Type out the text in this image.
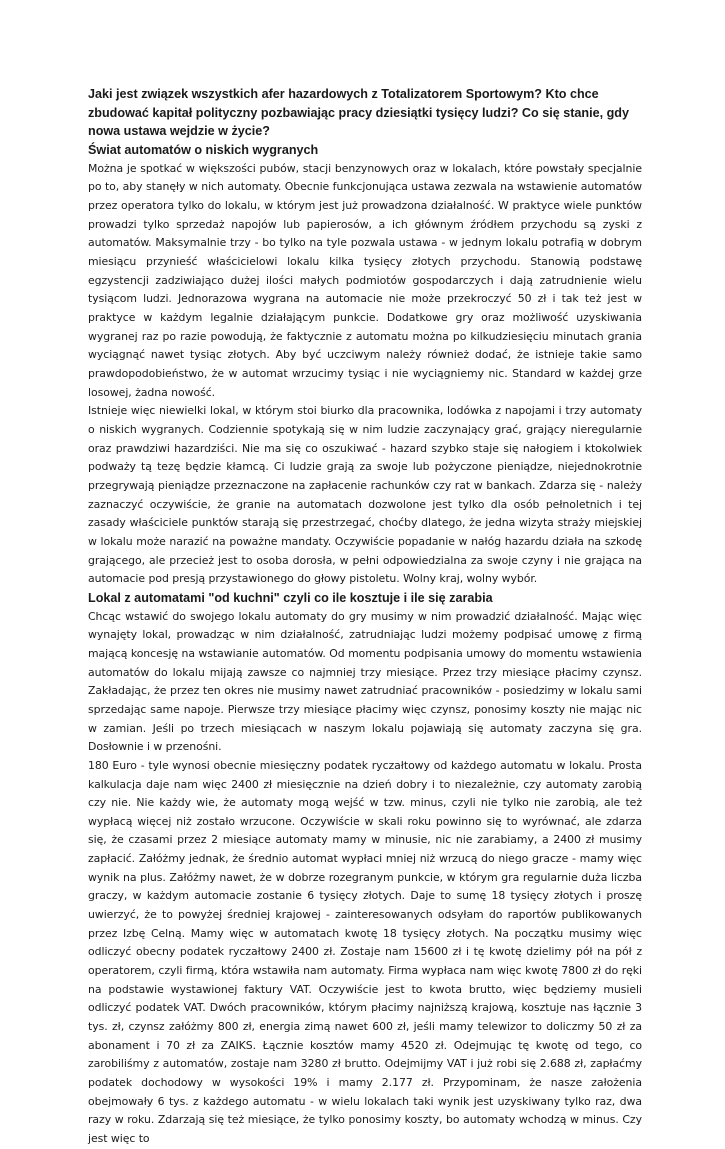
Jaki jest związek wszystkich afer hazardowych z Totalizatorem Sportowym? Kto chce zbudować kapitał polityczny pozbawiając pracy dziesiątki tysięcy ludzi? Co się stanie, gdy nowa ustawa wejdzie w życie?

Świat automatów o niskich wygranych

Można je spotkać w większości pubów, stacji benzynowych oraz w lokalach, które powstały specjalnie po to, aby stanęły w nich automaty. Obecnie funkcjonująca ustawa zezwala na wstawienie automatów przez operatora tylko do lokalu, w którym jest już prowadzona działalność. W praktyce wiele punktów prowadzi tylko sprzedaż napojów lub papierosów, a ich głównym źródłem przychodu są zyski z automatów. Maksymalnie trzy - bo tylko na tyle pozwala ustawa - w jednym lokalu potrafią w dobrym miesiącu przynieść właścicielowi lokalu kilka tysięcy złotych przychodu. Stanowią podstawę egzystencji zadziwiająco dużej ilości małych podmiotów gospodarczych i dają zatrudnienie wielu tysiącom ludzi. Jednorazowa wygrana na automacie nie może przekroczyć 50 zł i tak też jest w praktyce w każdym legalnie działającym punkcie. Dodatkowe gry oraz możliwość uzyskiwania wygranej raz po razie powodują, że faktycznie z automatu można po kilkudziesięciu minutach grania wyciągnąć nawet tysiąc złotych. Aby być uczciwym należy również dodać, że istnieje takie samo prawdopodobieństwo, że w automat wrzucimy tysiąc i nie wyciągniemy nic. Standard w każdej grze losowej, żadna nowość.

Istnieje więc niewielki lokal, w którym stoi biurko dla pracownika, lodówka z napojami i trzy automaty o niskich wygranych. Codziennie spotykają się w nim ludzie zaczynający grać, grający nieregularnie oraz prawdziwi hazardziści. Nie ma się co oszukiwać - hazard szybko staje się nałogiem i ktokolwiek podważy tą tezę będzie kłamcą. Ci ludzie grają za swoje lub pożyczone pieniądze, niejednokrotnie przegrywają pieniądze przeznaczone na zapłacenie rachunków czy rat w bankach. Zdarza się - należy zaznaczyć oczywiście, że granie na automatach dozwolone jest tylko dla osób pełnoletnich i tej zasady właściciele punktów starają się przestrzegać, choćby dlatego, że jedna wizyta straży miejskiej w lokalu może narazić na poważne mandaty. Oczywiście popadanie w nałóg hazardu działa na szkodę grającego, ale przecież jest to osoba dorosła, w pełni odpowiedzialna za swoje czyny i nie grająca na automacie pod presją przystawionego do głowy pistoletu. Wolny kraj, wolny wybór.

Lokal z automatami "od kuchni" czyli co ile kosztuje i ile się zarabia

Chcąc wstawić do swojego lokalu automaty do gry musimy w nim prowadzić działalność. Mając więc wynajęty lokal, prowadząc w nim działalność, zatrudniając ludzi możemy podpisać umowę z firmą mającą koncesję na wstawianie automatów. Od momentu podpisania umowy do momentu wstawienia automatów do lokalu mijają zawsze co najmniej trzy miesiące. Przez trzy miesiące płacimy czynsz. Zakładając, że przez ten okres nie musimy nawet zatrudniać pracowników - posiedzimy w lokalu sami sprzedając same napoje. Pierwsze trzy miesiące płacimy więc czynsz, ponosimy koszty nie mając nic w zamian. Jeśli po trzech miesiącach w naszym lokalu pojawiają się automaty zaczyna się gra. Dosłownie i w przenośni.

180 Euro - tyle wynosi obecnie miesięczny podatek ryczałtowy od każdego automatu w lokalu. Prosta kalkulacja daje nam więc 2400 zł miesięcznie na dzień dobry i to niezależnie, czy automaty zarobią czy nie. Nie każdy wie, że automaty mogą wejść w tzw. minus, czyli nie tylko nie zarobią, ale też wypłacą więcej niż zostało wrzucone. Oczywiście w skali roku powinno się to wyrównać, ale zdarza się, że czasami przez 2 miesiące automaty mamy w minusie, nic nie zarabiamy, a 2400 zł musimy zapłacić. Załóżmy jednak, że średnio automat wypłaci mniej niż wrzucą do niego gracze - mamy więc wynik na plus. Załóżmy nawet, że w dobrze rozegranym punkcie, w którym gra regularnie duża liczba graczy, w każdym automacie zostanie 6 tysięcy złotych. Daje to sumę 18 tysięcy złotych i proszę uwierzyć, że to powyżej średniej krajowej - zainteresowanych odsyłam do raportów publikowanych przez Izbę Celną. Mamy więc w automatach kwotę 18 tysięcy złotych. Na początku musimy więc odliczyć obecny podatek ryczałtowy 2400 zł. Zostaje nam 15600 zł i tę kwotę dzielimy pół na pół z operatorem, czyli firmą, która wstawiła nam automaty. Firma wypłaca nam więc kwotę 7800 zł do ręki na podstawie wystawionej faktury VAT. Oczywiście jest to kwota brutto, więc będziemy musieli odliczyć podatek VAT. Dwóch pracowników, którym płacimy najniższą krajową, kosztuje nas łącznie 3 tys. zł, czynsz załóżmy 800 zł, energia zimą nawet 600 zł, jeśli mamy telewizor to doliczmy 50 zł za abonament i 70 zł za ZAIKS. Łącznie kosztów mamy 4520 zł. Odejmując tę kwotę od tego, co zarobiliśmy z automatów, zostaje nam 3280 zł brutto. Odejmijmy VAT i już robi się 2.688 zł, zapłaćmy podatek dochodowy w wysokości 19% i mamy 2.177 zł. Przypominam, że nasze założenia obejmowały 6 tys. z każdego automatu - w wielu lokalach taki wynik jest uzyskiwany tylko raz, dwa razy w roku. Zdarzają się też miesiące, że tylko ponosimy koszty, bo automaty wchodzą w minus. Czy jest więc to
